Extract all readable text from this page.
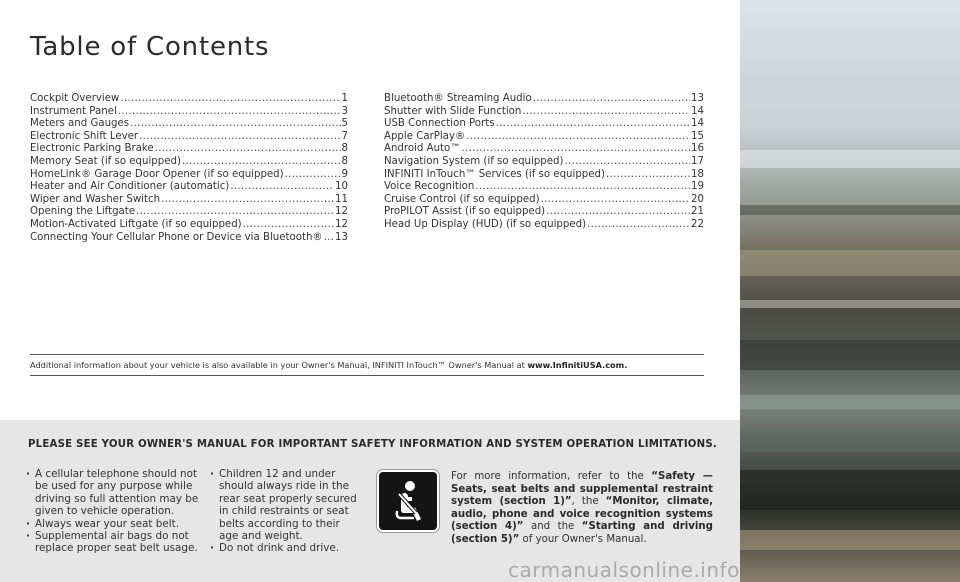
Table of Contents
Cockpit Overview .....	1
Instrument Panel .....	3
Meters and Gauges .....	5
Electronic Shift Lever .....	7
Electronic Parking Brake .....	8
Memory Seat (if so equipped) .....	8
HomeLink® Garage Door Opener (if so equipped) .....	9
Heater and Air Conditioner (automatic) .....	10
Wiper and Washer Switch .....	11
Opening the Liftgate .....	12
Motion-Activated Liftgate (if so equipped) .....	12
Connecting Your Cellular Phone or Device via Bluetooth® ..... 13
Bluetooth® Streaming Audio .....	13
Shutter with Slide Function .....	14
USB Connection Ports .....	14
Apple CarPlay® .....	15
Android Auto™ .....	16
Navigation System (if so equipped) .....	17
INFINITI InTouch™ Services (if so equipped) .....	18
Voice Recognition .....	19
Cruise Control (if so equipped) .....	20
ProPILOT Assist (if so equipped) .....	21
Head Up Display (HUD) (if so equipped) .....	22
Additional information about your vehicle is also available in your Owner's Manual, INFINITI InTouch™ Owner's Manual at www.InfinitiUSA.com.
PLEASE SEE YOUR OWNER'S MANUAL FOR IMPORTANT SAFETY INFORMATION AND SYSTEM OPERATION LIMITATIONS.
· A cellular telephone should not be used for any purpose while driving so full attention may be given to vehicle operation.
· Always wear your seat belt.
· Supplemental air bags do not replace proper seat belt usage.
· Children 12 and under should always ride in the rear seat properly secured in child restraints or seat belts according to their age and weight.
· Do not drink and drive.
For more information, refer to the “Safety — Seats, seat belts and supplemental restraint system (section 1)”, the “Monitor, climate, audio, phone and voice recognition systems (section 4)” and the “Starting and driving (section 5)” of your Owner's Manual.
carmanualsonline.info
